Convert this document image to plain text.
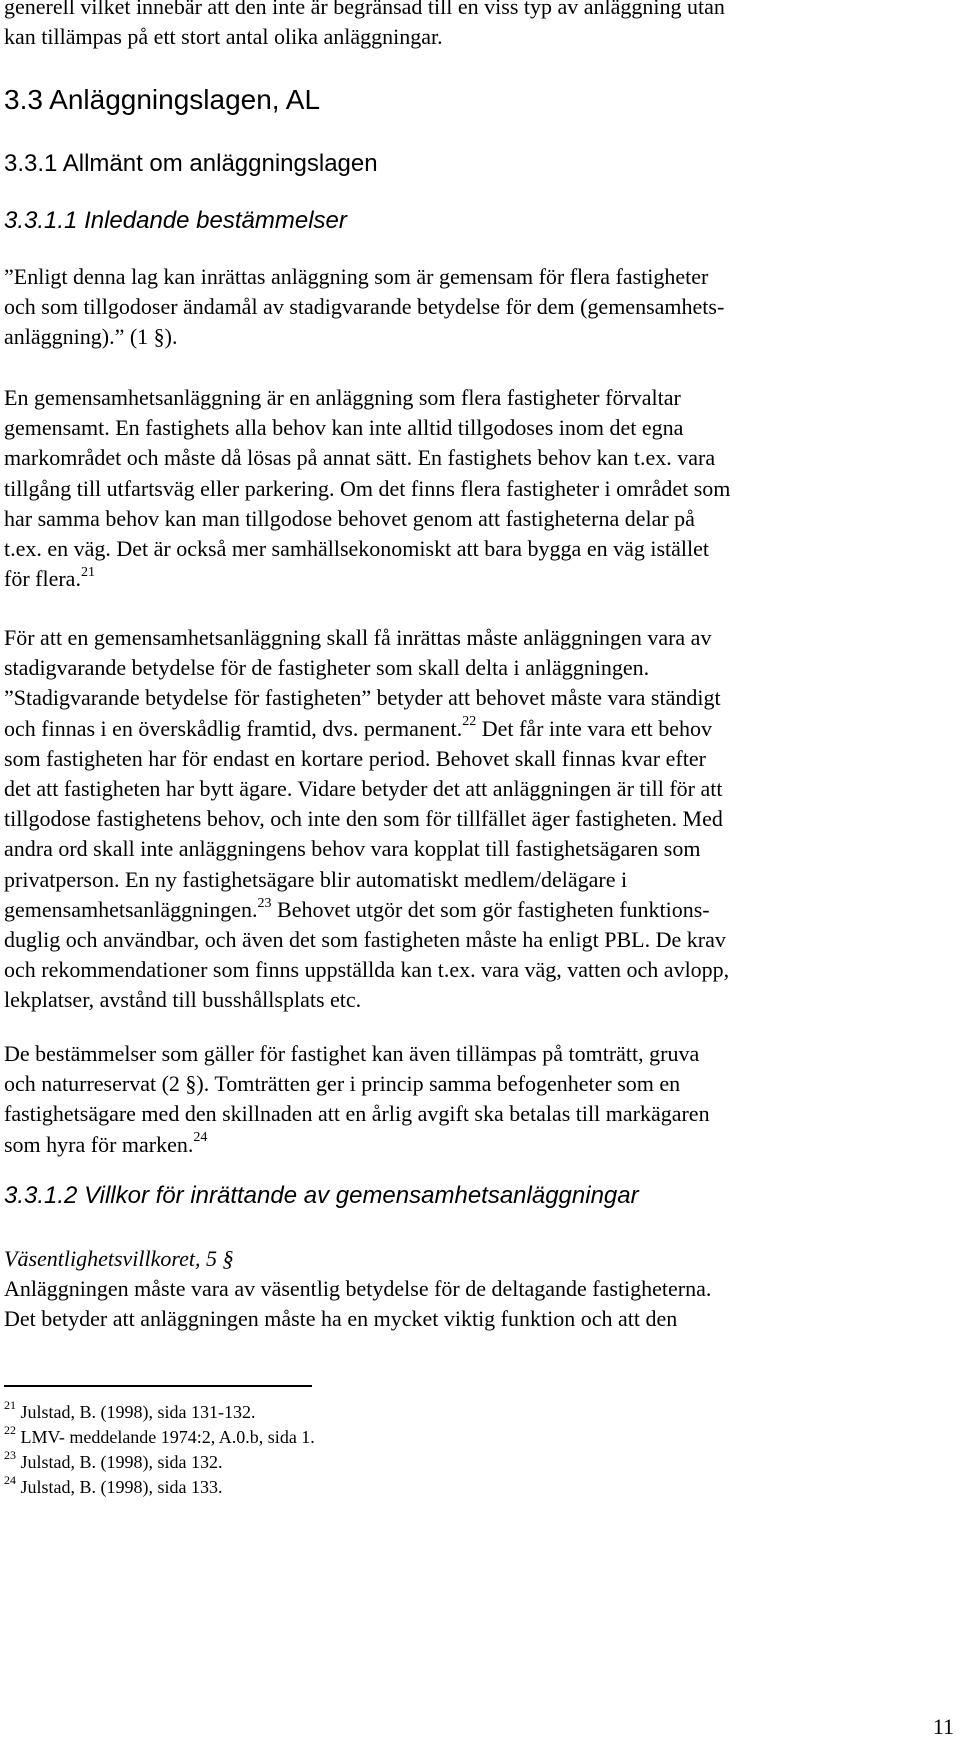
generell vilket innebär att den inte är begränsad till en viss typ av anläggning utan
kan tillämpas på ett stort antal olika anläggningar.
3.3 Anläggningslagen, AL
3.3.1 Allmänt om anläggningslagen
3.3.1.1 Inledande bestämmelser
”Enligt denna lag kan inrättas anläggning som är gemensam för flera fastigheter
och som tillgodoser ändamål av stadigvarande betydelse för dem (gemensamhets-
anläggning).” (1 §).
En gemensamhetsanläggning är en anläggning som flera fastigheter förvaltar
gemensamt. En fastighets alla behov kan inte alltid tillgodoses inom det egna
markområdet och måste då lösas på annat sätt. En fastighets behov kan t.ex. vara
tillgång till utfartsväg eller parkering. Om det finns flera fastigheter i området som
har samma behov kan man tillgodose behovet genom att fastigheterna delar på
t.ex. en väg. Det är också mer samhällsekonomiskt att bara bygga en väg istället
för flera.$^{21}$
För att en gemensamhetsanläggning skall få inrättas måste anläggningen vara av
stadigvarande betydelse för de fastigheter som skall delta i anläggningen.
”Stadigvarande betydelse för fastigheten” betyder att behovet måste vara ständigt
och finnas i en överskådlig framtid, dvs. permanent.$^{22}$ Det får inte vara ett behov
som fastigheten har för endast en kortare period. Behovet skall finnas kvar efter
det att fastigheten har bytt ägare. Vidare betyder det att anläggningen är till för att
tillgodose fastighetens behov, och inte den som för tillfället äger fastigheten. Med
andra ord skall inte anläggningens behov vara kopplat till fastighetsägaren som
privatperson. En ny fastighetsägare blir automatiskt medlem/delägare i
gemensamhetsanläggningen.$^{23}$ Behovet utgör det som gör fastigheten funktions-
duglig och användbar, och även det som fastigheten måste ha enligt PBL. De krav
och rekommendationer som finns uppställda kan t.ex. vara väg, vatten och avlopp,
lekplatser, avstånd till busshållsplats etc.
De bestämmelser som gäller för fastighet kan även tillämpas på tomträtt, gruva
och naturreservat (2 §). Tomträtten ger i princip samma befogenheter som en
fastighetsägare med den skillnaden att en årlig avgift ska betalas till markägaren
som hyra för marken.$^{24}$
3.3.1.2 Villkor för inrättande av gemensamhetsanläggningar
Väsentlighetsvillkoret, 5 §
Anläggningen måste vara av väsentlig betydelse för de deltagande fastigheterna.
Det betyder att anläggningen måste ha en mycket viktig funktion och att den
$^{21}$ Julstad, B. (1998), sida 131-132.
$^{22}$ LMV- meddelande 1974:2, A.0.b, sida 1.
$^{23}$ Julstad, B. (1998), sida 132.
$^{24}$ Julstad, B. (1998), sida 133.
11
